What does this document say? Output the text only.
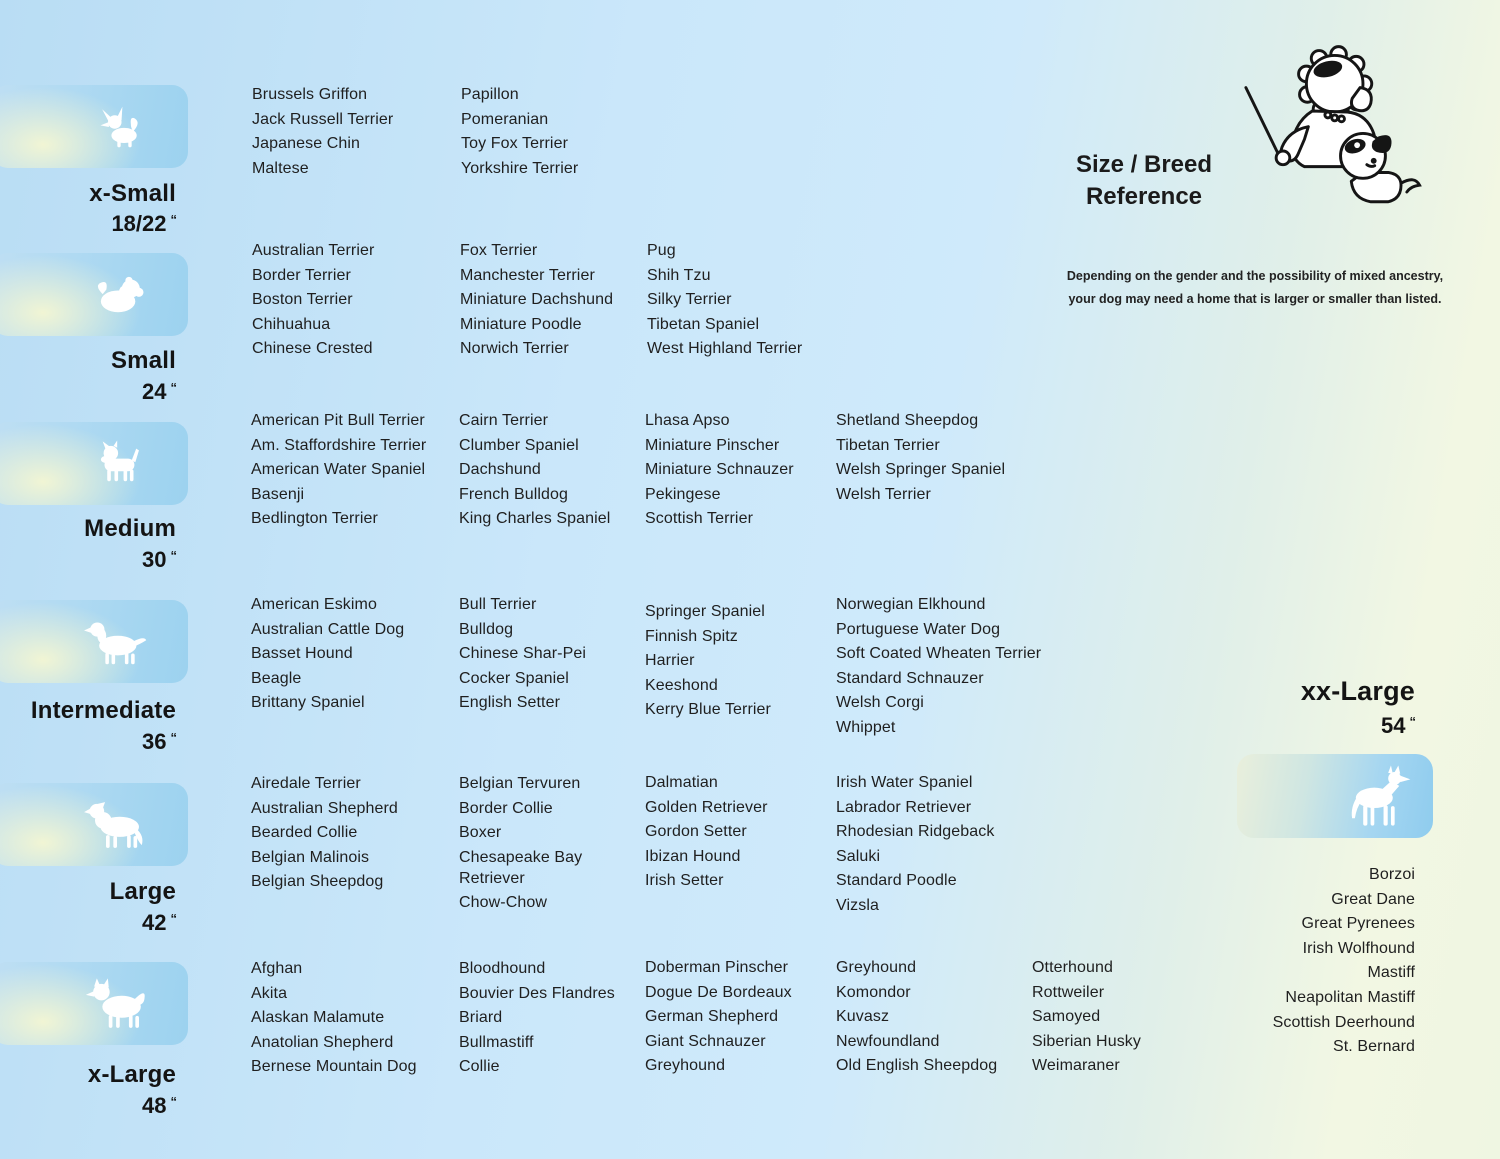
x-Small
18/22 “
Small
24 “
Medium
30 “
Intermediate
36 “
Large
42 “
x-Large
48 “
Brussels Griffon
Jack Russell Terrier
Japanese Chin
Maltese
Papillon
Pomeranian
Toy Fox Terrier
Yorkshire Terrier
Australian Terrier
Border Terrier
Boston Terrier
Chihuahua
Chinese Crested
Fox Terrier
Manchester Terrier
Miniature Dachshund
Miniature Poodle
Norwich Terrier
Pug
Shih Tzu
Silky Terrier
Tibetan Spaniel
West Highland Terrier
American Pit Bull Terrier
Am. Staffordshire Terrier
American Water Spaniel
Basenji
Bedlington Terrier
Cairn Terrier
Clumber Spaniel
Dachshund
French Bulldog
King Charles Spaniel
Lhasa Apso
Miniature Pinscher
Miniature Schnauzer
Pekingese
Scottish Terrier
Shetland Sheepdog
Tibetan Terrier
Welsh Springer Spaniel
Welsh Terrier
American Eskimo
Australian Cattle Dog
Basset Hound
Beagle
Brittany Spaniel
Bull Terrier
Bulldog
Chinese Shar-Pei
Cocker Spaniel
English Setter
Springer Spaniel
Finnish Spitz
Harrier
Keeshond
Kerry Blue Terrier
Norwegian Elkhound
Portuguese Water Dog
Soft Coated Wheaten Terrier
Standard Schnauzer
Welsh Corgi
Whippet
Airedale Terrier
Australian Shepherd
Bearded Collie
Belgian Malinois
Belgian Sheepdog
Belgian Tervuren
Border Collie
Boxer
Chesapeake Bay Retriever
Chow-Chow
Dalmatian
Golden Retriever
Gordon Setter
Ibizan Hound
Irish Setter
Irish Water Spaniel
Labrador Retriever
Rhodesian Ridgeback
Saluki
Standard Poodle
Vizsla
Afghan
Akita
Alaskan Malamute
Anatolian Shepherd
Bernese Mountain Dog
Bloodhound
Bouvier Des Flandres
Briard
Bullmastiff
Collie
Doberman Pinscher
Dogue De Bordeaux
German Shepherd
Giant Schnauzer
Greyhound
Greyhound
Komondor
Kuvasz
Newfoundland
Old English Sheepdog
Otterhound
Rottweiler
Samoyed
Siberian Husky
Weimaraner
Size / Breed
Reference
Depending on the gender and the possibility of mixed ancestry,
your dog may need a home that is larger or smaller than listed.
xx-Large
54 “
Borzoi
Great Dane
Great Pyrenees
Irish Wolfhound
Mastiff
Neapolitan Mastiff
Scottish Deerhound
St. Bernard
